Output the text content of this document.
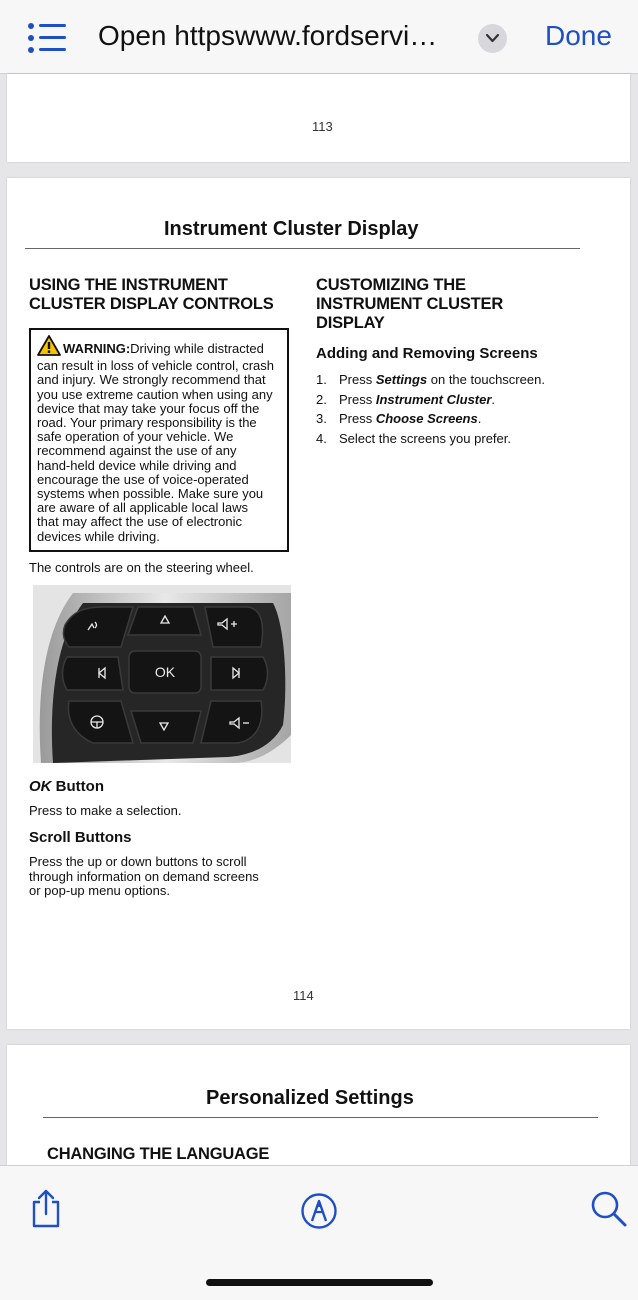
Open httpswww.fordservi…	Done
113
Instrument Cluster Display
USING THE INSTRUMENT
CLUSTER DISPLAY CONTROLS
WARNING:Driving while distracted
can result in loss of vehicle control, crash
and injury. We strongly recommend that
you use extreme caution when using any
device that may take your focus off the
road. Your primary responsibility is the
safe operation of your vehicle. We
recommend against the use of any
hand-held device while driving and
encourage the use of voice-operated
systems when possible. Make sure you
are aware of all applicable local laws
that may affect the use of electronic
devices while driving.
The controls are on the steering wheel.
OK
OK Button
Press to make a selection.
Scroll Buttons
Press the up or down buttons to scroll
through information on demand screens
or pop-up menu options.
CUSTOMIZING THE
INSTRUMENT CLUSTER
DISPLAY
Adding and Removing Screens
1. Press Settings on the touchscreen.
2. Press Instrument Cluster.
3. Press Choose Screens.
4. Select the screens you prefer.
114
Personalized Settings
CHANGING THE LANGUAGE
